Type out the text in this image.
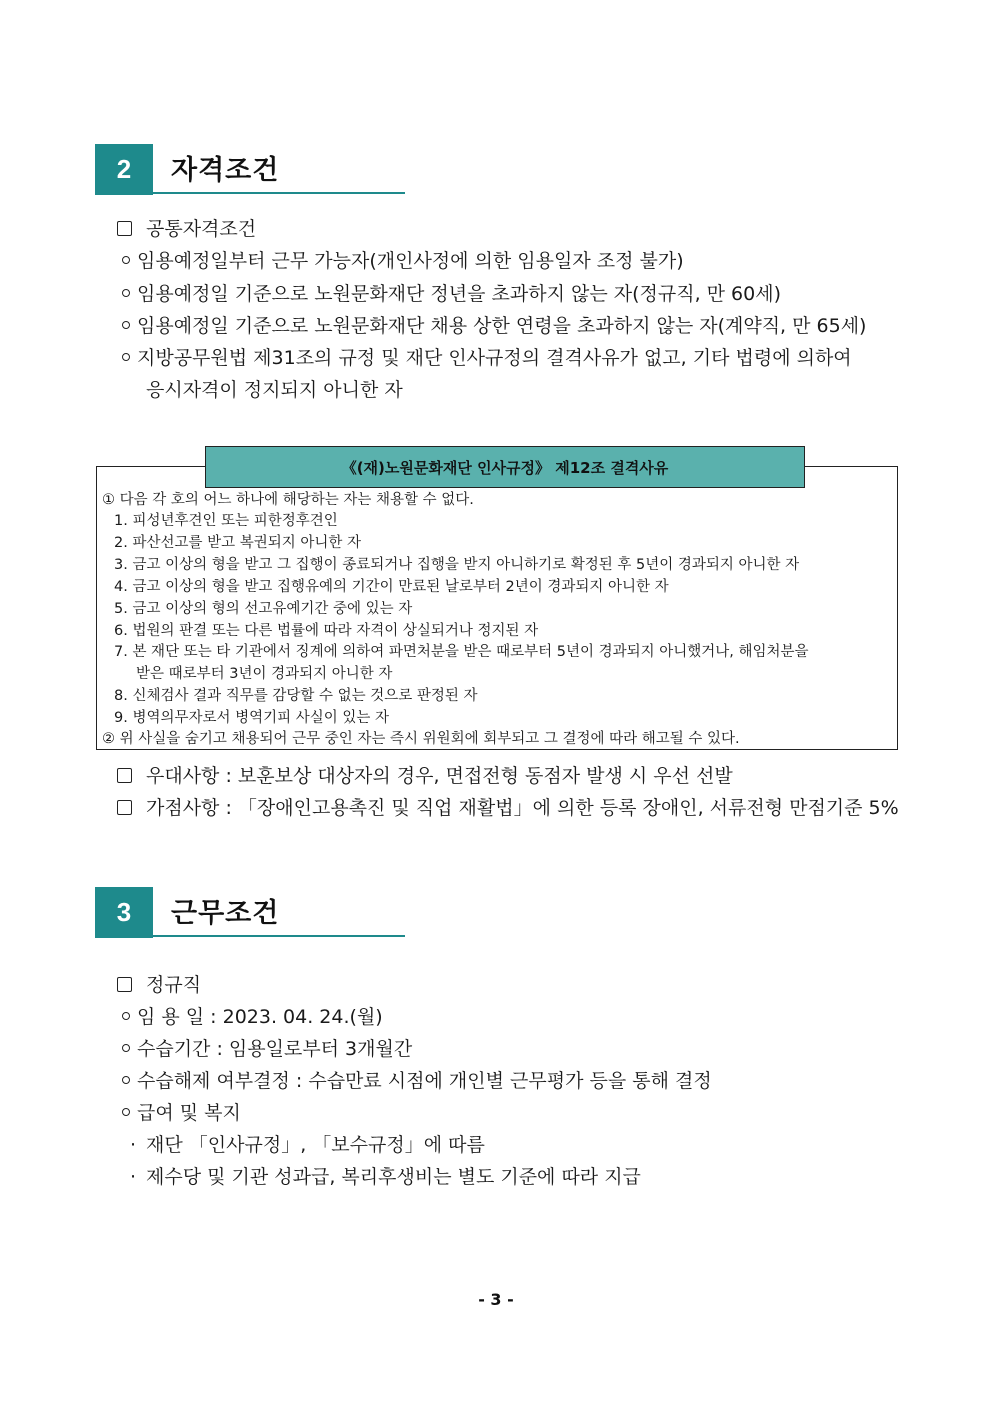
2	자격조건
공통자격조건
임용예정일부터 근무 가능자(개인사정에 의한 임용일자 조정 불가)
임용예정일 기준으로 노원문화재단 정년을 초과하지 않는 자(정규직, 만 60세)
임용예정일 기준으로 노원문화재단 채용 상한 연령을 초과하지 않는 자(계약직, 만 65세)
지방공무원법 제31조의 규정 및 재단 인사규정의 결격사유가 없고, 기타 법령에 의하여
응시자격이 정지되지 아니한 자
《(재)노원문화재단 인사규정》 제12조 결격사유
① 다음 각 호의 어느 하나에 해당하는 자는 채용할 수 없다.
1. 피성년후견인 또는 피한정후견인
2. 파산선고를 받고 복권되지 아니한 자
3. 금고 이상의 형을 받고 그 집행이 종료되거나 집행을 받지 아니하기로 확정된 후 5년이 경과되지 아니한 자
4. 금고 이상의 형을 받고 집행유예의 기간이 만료된 날로부터 2년이 경과되지 아니한 자
5. 금고 이상의 형의 선고유예기간 중에 있는 자
6. 법원의 판결 또는 다른 법률에 따라 자격이 상실되거나 정지된 자
7. 본 재단 또는 타 기관에서 징계에 의하여 파면처분을 받은 때로부터 5년이 경과되지 아니했거나, 해임처분을
받은 때로부터 3년이 경과되지 아니한 자
8. 신체검사 결과 직무를 감당할 수 없는 것으로 판정된 자
9. 병역의무자로서 병역기피 사실이 있는 자
② 위 사실을 숨기고 채용되어 근무 중인 자는 즉시 위원회에 회부되고 그 결정에 따라 해고될 수 있다.
우대사항 : 보훈보상 대상자의 경우, 면접전형 동점자 발생 시 우선 선발
가점사항 : 「장애인고용촉진 및 직업 재활법」에 의한 등록 장애인, 서류전형 만점기준 5%
3	근무조건
정규직
임 용 일 : 2023. 04. 24.(월)
수습기간 : 임용일로부터 3개월간
수습해제 여부결정 : 수습만료 시점에 개인별 근무평가 등을 통해 결정
급여 및 복지
· 재단 「인사규정」, 「보수규정」에 따름
· 제수당 및 기관 성과급, 복리후생비는 별도 기준에 따라 지급
- 3 -
